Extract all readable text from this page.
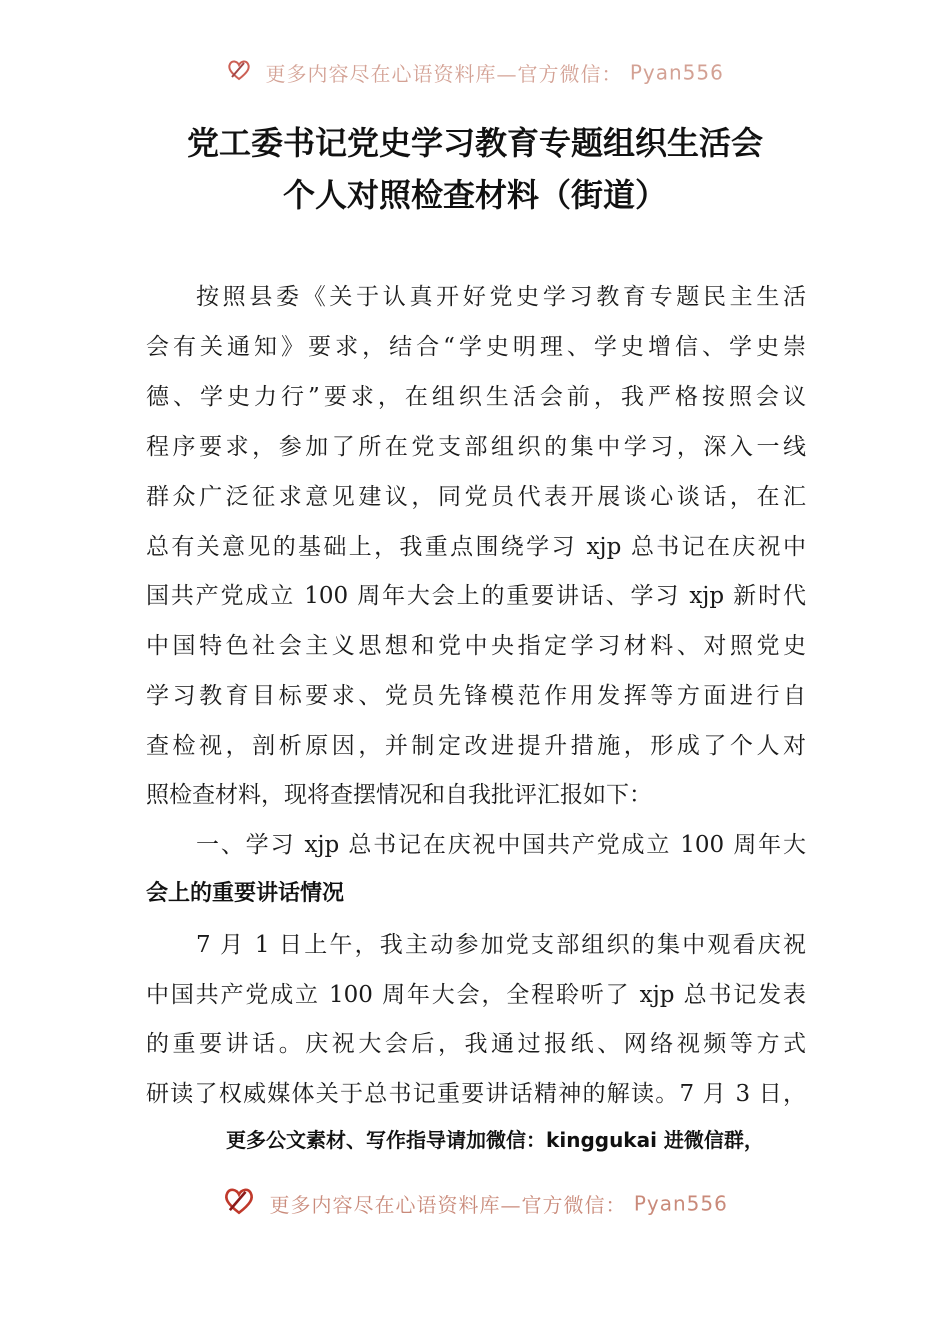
更多内容尽在心语资料库—官方微信： Pyan556
党工委书记党史学习教育专题组织生活会
个人对照检查材料（街道）
按照县委《关于认真开好党史学习教育专题民主生活
会有关通知》要求，结合“学史明理、学史增信、学史崇
德、学史力行”要求，在组织生活会前，我严格按照会议
程序要求，参加了所在党支部组织的集中学习，深入一线
群众广泛征求意见建议，同党员代表开展谈心谈话，在汇
总有关意见的基础上，我重点围绕学习 xjp 总书记在庆祝中
国共产党成立 100 周年大会上的重要讲话、学习 xjp 新时代
中国特色社会主义思想和党中央指定学习材料、对照党史
学习教育目标要求、党员先锋模范作用发挥等方面进行自
查检视，剖析原因，并制定改进提升措施，形成了个人对
照检查材料，现将查摆情况和自我批评汇报如下：
一、学习 xjp 总书记在庆祝中国共产党成立 100 周年大
会上的重要讲话情况
7 月 1 日上午，我主动参加党支部组织的集中观看庆祝
中国共产党成立 100 周年大会，全程聆听了 xjp 总书记发表
的重要讲话。庆祝大会后，我通过报纸、网络视频等方式
研读了权威媒体关于总书记重要讲话精神的解读。7 月 3 日，
更多公文素材、写作指导请加微信：kinggukai 进微信群，
更多内容尽在心语资料库—官方微信： Pyan556
